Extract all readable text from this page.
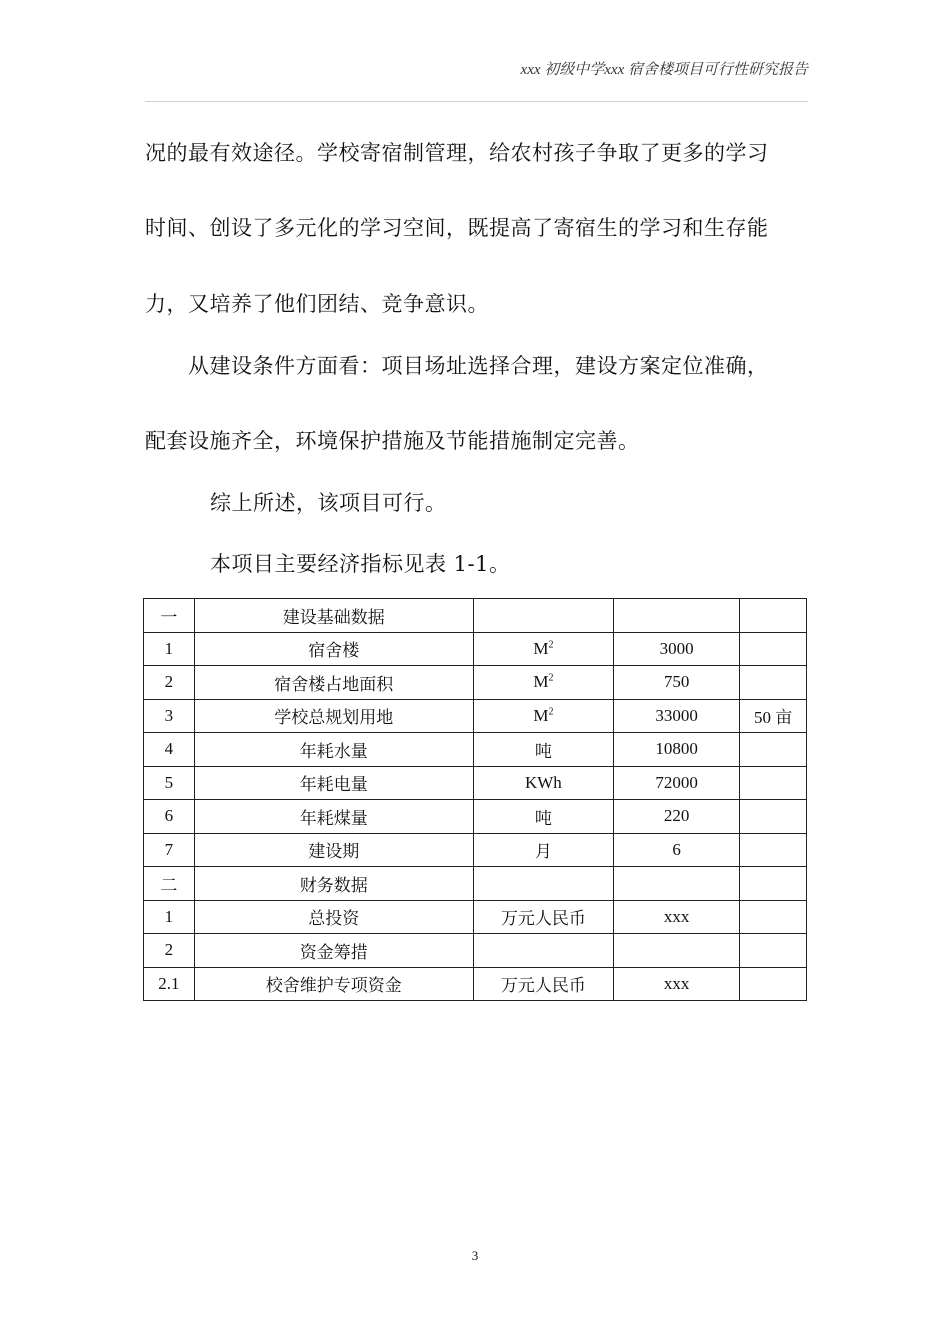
xxx 初级中学xxx 宿舍楼项目可行性研究报告
况的最有效途径。学校寄宿制管理，给农村孩子争取了更多的学习
时间、创设了多元化的学习空间，既提高了寄宿生的学习和生存能
力，又培养了他们团结、竞争意识。
从建设条件方面看：项目场址选择合理，建设方案定位准确，
配套设施齐全，环境保护措施及节能措施制定完善。
综上所述，该项目可行。
本项目主要经济指标见表 1-1。
一	建设基础数据			
1	宿舍楼	$M^2$	3000	
2	宿舍楼占地面积	$M^2$	750	
3	学校总规划用地	$M^2$	33000	50 亩
4	年耗水量	吨	10800	
5	年耗电量	KWh	72000	
6	年耗煤量	吨	220	
7	建设期	月	6	
二	财务数据			
1	总投资	万元人民币	xxx	
2	资金筹措			
2.1	校舍维护专项资金	万元人民币	xxx	
3
